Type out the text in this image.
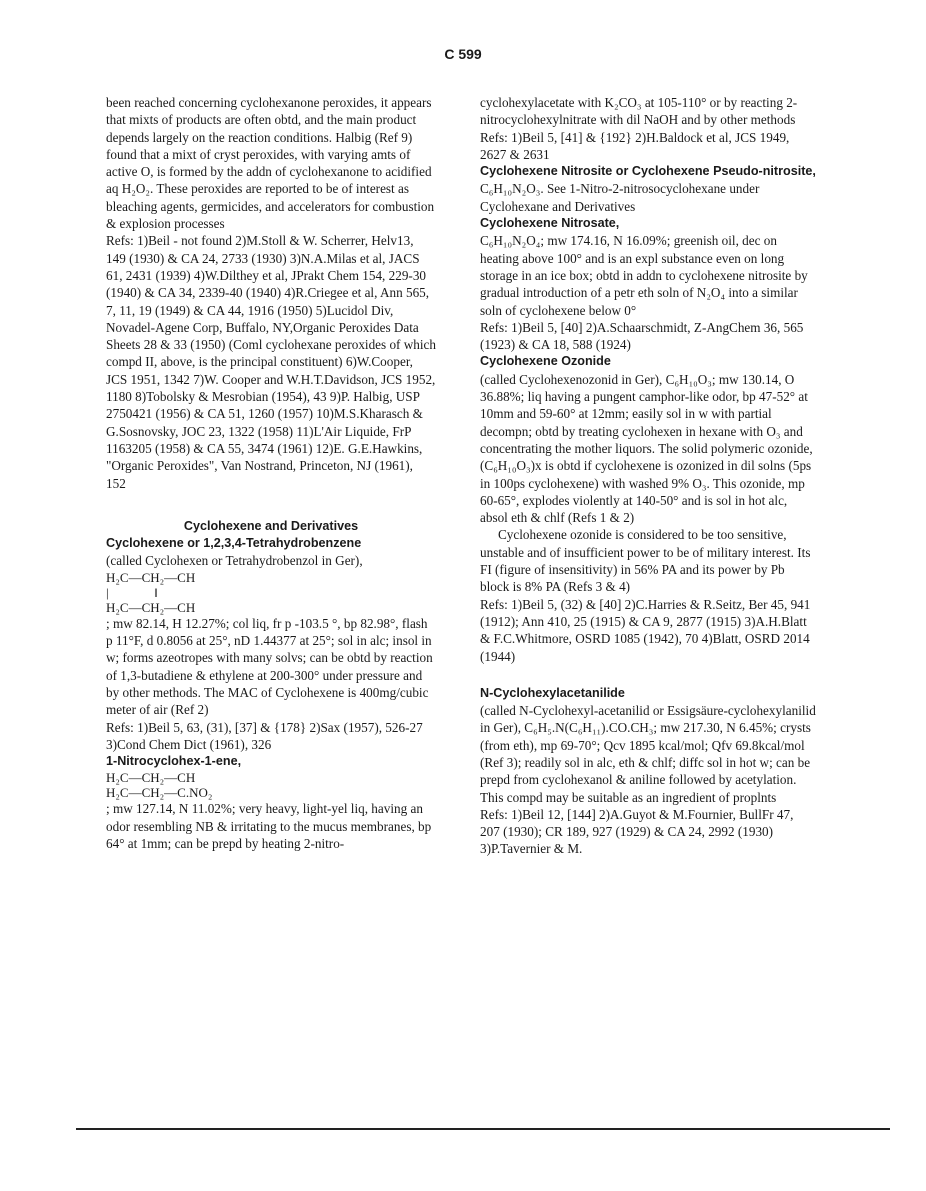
C 599

been reached concerning cyclohexanone peroxides, it appears that mixts of products are often obtd, and the main product depends largely on the reaction conditions. Halbig (Ref 9) found that a mixt of cryst peroxides, with varying amts of active O, is formed by the addn of cyclohexanone to acidified aq H₂O₂. These peroxides are reported to be of interest as bleaching agents, germicides, and accelerators for combustion & explosion processes

Refs: 1)Beil - not found 2)M.Stoll & W. Scherrer, Helv13, 149 (1930) & CA 24, 2733 (1930) 3)N.A.Milas et al, JACS 61, 2431 (1939) 4)W.Dilthey et al, JPrakt Chem 154, 229-30 (1940) & CA 34, 2339-40 (1940) 4)R.Criegee et al, Ann 565, 7, 11, 19 (1949) & CA 44, 1916 (1950) 5)Lucidol Div, Novadel-Agene Corp, Buffalo, NY,Organic Peroxides Data Sheets 28 & 33 (1950) (Coml cyclohexane peroxides of which compd II, above, is the principal constituent) 6)W.Cooper, JCS 1951, 1342 7)W. Cooper and W.H.T.Davidson, JCS 1952, 1180 8)Tobolsky & Mesrobian (1954), 43 9)P. Halbig, USP 2750421 (1956) & CA 51, 1260 (1957) 10)M.S.Kharasch & G.Sosnovsky, JOC 23, 1322 (1958) 11)L'Air Liquide, FrP 1163205 (1958) & CA 55, 3474 (1961) 12)E. G.E.Hawkins, "Organic Peroxides", Van Nostrand, Princeton, NJ (1961), 152

Cyclohexene and Derivatives

Cyclohexene or 1,2,3,4-Tetrahydrobenzene

(called Cyclohexen or Tetrahydrobenzol in Ger),

H₂C—CH₂—CH
|              ‖
H₂C—CH₂—CH

; mw 82.14, H 12.27%; col liq, fr p -103.5 °, bp 82.98°, flash p 11°F, d 0.8056 at 25°, nD 1.44377 at 25°; sol in alc; insol in w; forms azeotropes with many solvs; can be obtd by reaction of 1,3-butadiene & ethylene at 200-300° under pressure and by other methods. The MAC of Cyclohexene is 400mg/cubic meter of air (Ref 2)

Refs: 1)Beil 5, 63, (31), [37] & {178} 2)Sax (1957), 526-27 3)Cond Chem Dict (1961), 326

1-Nitrocyclohex-1-ene,

H₂C—CH₂—CH
H₂C—CH₂—C.NO₂

; mw 127.14, N 11.02%; very heavy, light-yel liq, having an odor resembling NB & irritating to the mucus membranes, bp 64° at 1mm; can be prepd by heating 2-nitro-

cyclohexylacetate with K₂CO₃ at 105-110° or by reacting 2-nitrocyclohexylnitrate with dil NaOH and by other methods

Refs: 1)Beil 5, [41] & {192} 2)H.Baldock et al, JCS 1949, 2627 & 2631

Cyclohexene Nitrosite or Cyclohexene Pseudo-nitrosite,

C₆H₁₀N₂O₃. See 1-Nitro-2-nitrosocyclohexane under Cyclohexane and Derivatives

Cyclohexene Nitrosate,

C₆H₁₀N₂O₄; mw 174.16, N 16.09%; greenish oil, dec on heating above 100° and is an expl substance even on long storage in an ice box; obtd in addn to cyclohexene nitrosite by gradual introduction of a petr eth soln of N₂O₄ into a similar soln of cyclohexene below 0°

Refs: 1)Beil 5, [40] 2)A.Schaarschmidt, Z-AngChem 36, 565 (1923) & CA 18, 588 (1924)

Cyclohexene Ozonide

(called Cyclohexenozonid in Ger), C₆H₁₀O₃; mw 130.14, O 36.88%; liq having a pungent camphor-like odor, bp 47-52° at 10mm and 59-60° at 12mm; easily sol in w with partial decompn; obtd by treating cyclohexen in hexane with O₃ and concentrating the mother liquors. The solid polymeric ozonide, (C₆H₁₀O₃)x is obtd if cyclohexene is ozonized in dil solns (5ps in 100ps cyclohexene) with washed 9% O₃. This ozonide, mp 60-65°, explodes violently at 140-50° and is sol in hot alc, absol eth & chlf (Refs 1 & 2)

Cyclohexene ozonide is considered to be too sensitive, unstable and of insufficient power to be of military interest. Its FI (figure of insensitivity) in 56% PA and its power by Pb block is 8% PA (Refs 3 & 4)

Refs: 1)Beil 5, (32) & [40] 2)C.Harries & R.Seitz, Ber 45, 941 (1912); Ann 410, 25 (1915) & CA 9, 2877 (1915) 3)A.H.Blatt & F.C.Whitmore, OSRD 1085 (1942), 70 4)Blatt, OSRD 2014 (1944)

N-Cyclohexylacetanilide

(called N-Cyclohexyl-acetanilid or Essigsäure-cyclohexylanilid in Ger), C₆H₅.N(C₆H₁₁).CO.CH₃; mw 217.30, N 6.45%; crysts (from eth), mp 69-70°; Qcv 1895 kcal/mol; Qfv 69.8kcal/mol (Ref 3); readily sol in alc, eth & chlf; diffc sol in hot w; can be prepd from cyclohexanol & aniline followed by acetylation. This compd may be suitable as an ingredient of proplnts

Refs: 1)Beil 12, [144] 2)A.Guyot & M.Fournier, BullFr 47, 207 (1930); CR 189, 927 (1929) & CA 24, 2992 (1930) 3)P.Tavernier & M.
